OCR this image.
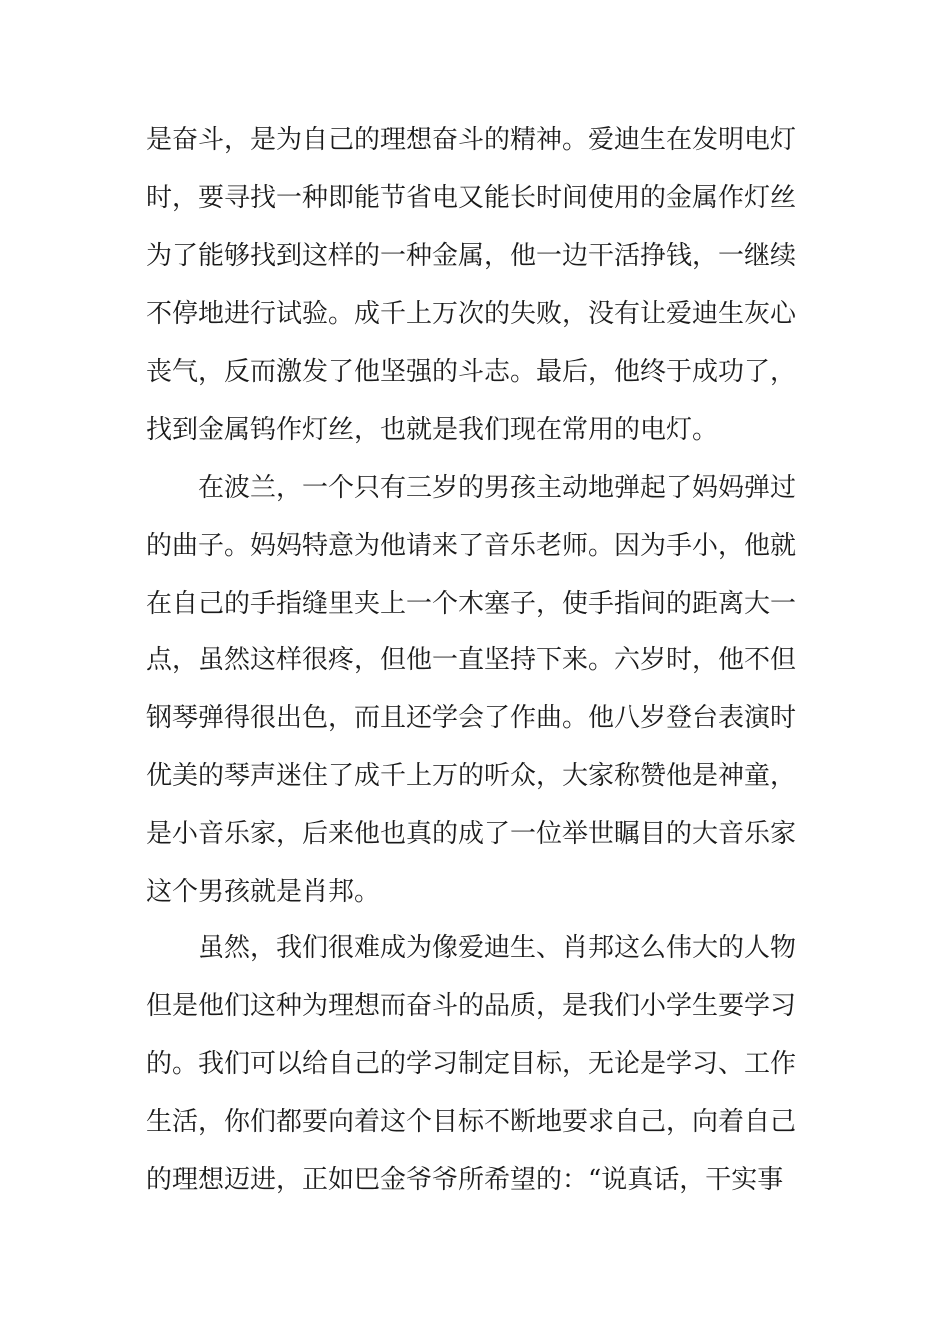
是奋斗，是为自己的理想奋斗的精神。爱迪生在发明电灯
时，要寻找一种即能节省电又能长时间使用的金属作灯丝
为了能够找到这样的一种金属，他一边干活挣钱，一继续
不停地进行试验。成千上万次的失败，没有让爱迪生灰心
丧气，反而激发了他坚强的斗志。最后，他终于成功了，
找到金属钨作灯丝，也就是我们现在常用的电灯。
在波兰，一个只有三岁的男孩主动地弹起了妈妈弹过
的曲子。妈妈特意为他请来了音乐老师。因为手小，他就
在自己的手指缝里夹上一个木塞子，使手指间的距离大一
点，虽然这样很疼，但他一直坚持下来。六岁时，他不但
钢琴弹得很出色，而且还学会了作曲。他八岁登台表演时
优美的琴声迷住了成千上万的听众，大家称赞他是神童，
是小音乐家，后来他也真的成了一位举世瞩目的大音乐家
这个男孩就是肖邦。
虽然，我们很难成为像爱迪生、肖邦这么伟大的人物
但是他们这种为理想而奋斗的品质，是我们小学生要学习
的。我们可以给自己的学习制定目标，无论是学习、工作
生活，你们都要向着这个目标不断地要求自己，向着自己
的理想迈进，正如巴金爷爷所希望的：“说真话，干实事
